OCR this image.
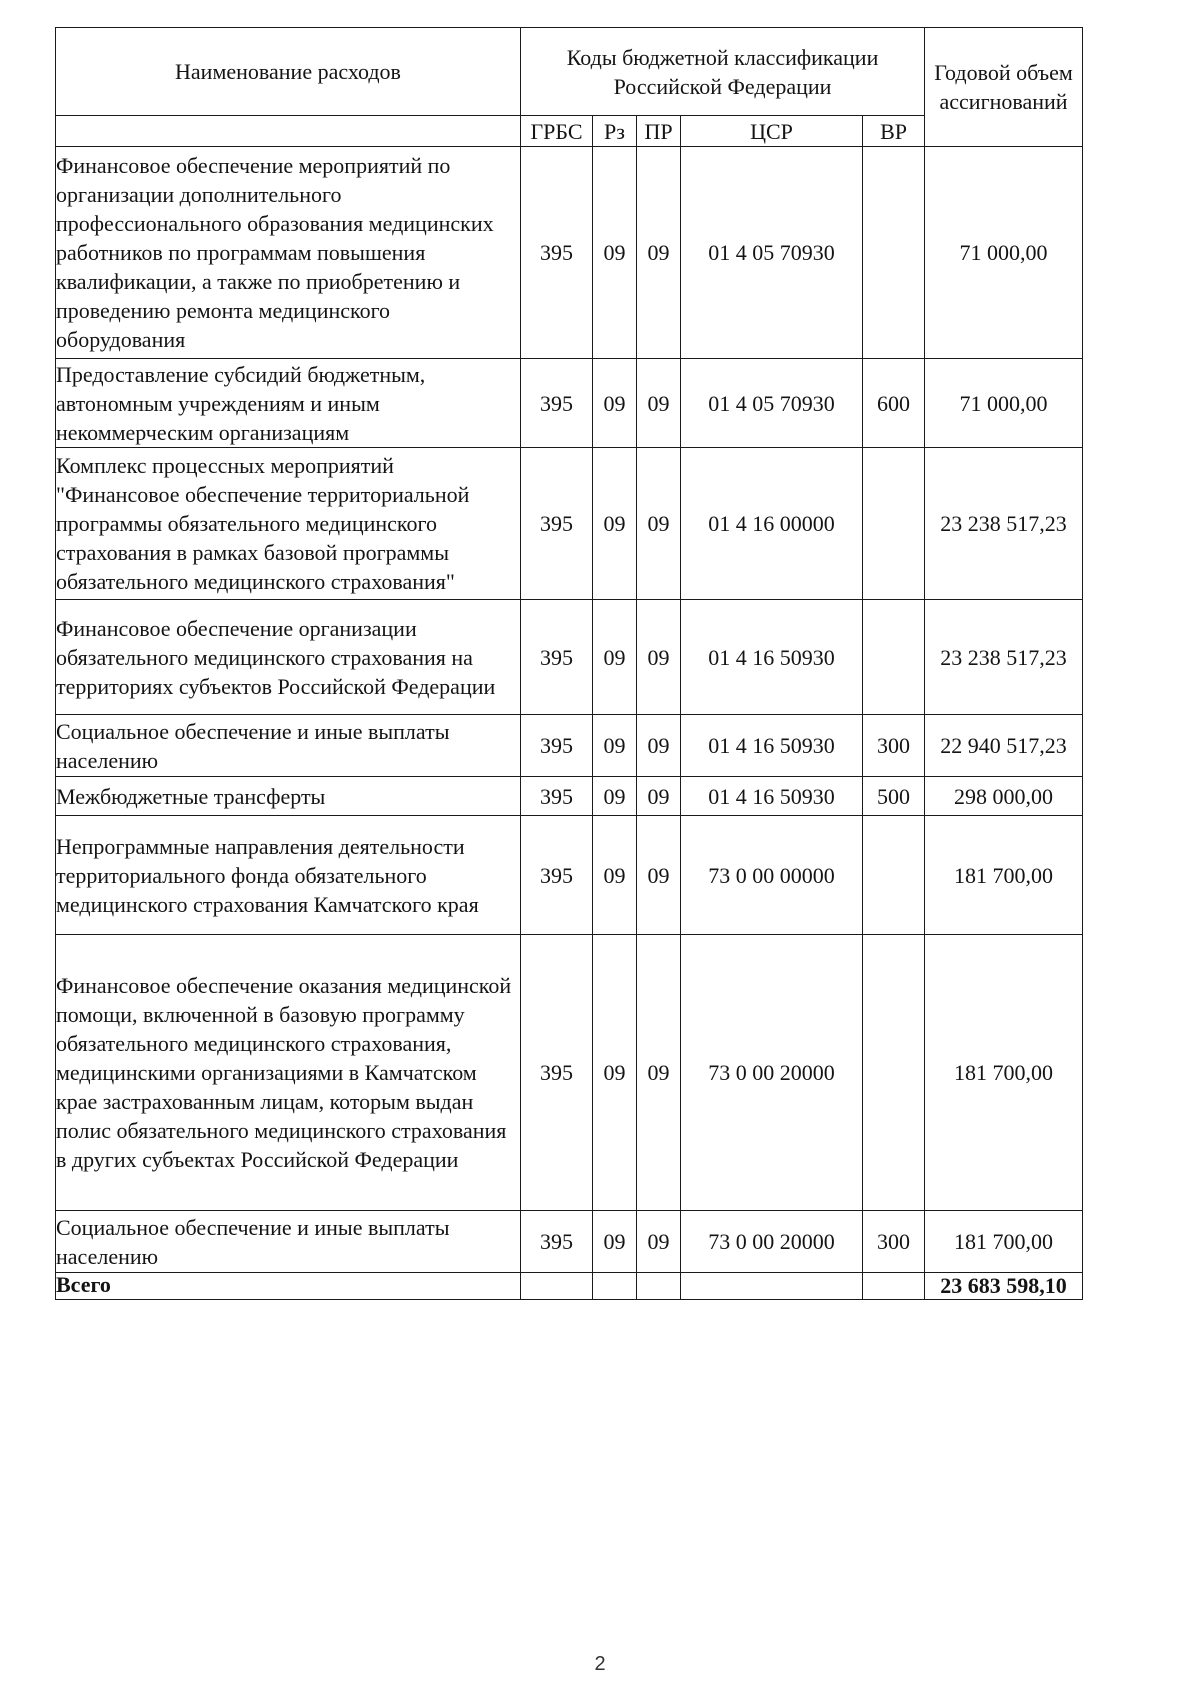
Наименование расходов	Коды бюджетной классификации Российской Федерации					Годовой объем ассигнований
	ГРБС	Рз	ПР	ЦСР	ВР	
Финансовое обеспечение мероприятий по организации дополнительного профессионального образования медицинских работников по программам повышения квалификации, а также по приобретению и проведению ремонта медицинского оборудования	395	09	09	01 4 05 70930		71 000,00
Предоставление субсидий бюджетным, автономным учреждениям и иным некоммерческим организациям	395	09	09	01 4 05 70930	600	71 000,00
Комплекс процессных мероприятий "Финансовое обеспечение территориальной программы обязательного медицинского страхования в рамках базовой программы обязательного медицинского страхования"	395	09	09	01 4 16 00000		23 238 517,23
Финансовое обеспечение организации обязательного медицинского страхования на территориях субъектов Российской Федерации	395	09	09	01 4 16 50930		23 238 517,23
Социальное обеспечение и иные выплаты населению	395	09	09	01 4 16 50930	300	22 940 517,23
Межбюджетные трансферты	395	09	09	01 4 16 50930	500	298 000,00
Непрограммные направления деятельности территориального фонда обязательного медицинского страхования Камчатского края	395	09	09	73 0 00 00000		181 700,00
Финансовое обеспечение оказания медицинской помощи, включенной в базовую программу обязательного медицинского страхования, медицинскими организациями в Камчатском крае застрахованным лицам, которым выдан полис обязательного медицинского страхования в других субъектах Российской Федерации	395	09	09	73 0 00 20000		181 700,00
Социальное обеспечение и иные выплаты населению	395	09	09	73 0 00 20000	300	181 700,00
Всего						23 683 598,10
2
